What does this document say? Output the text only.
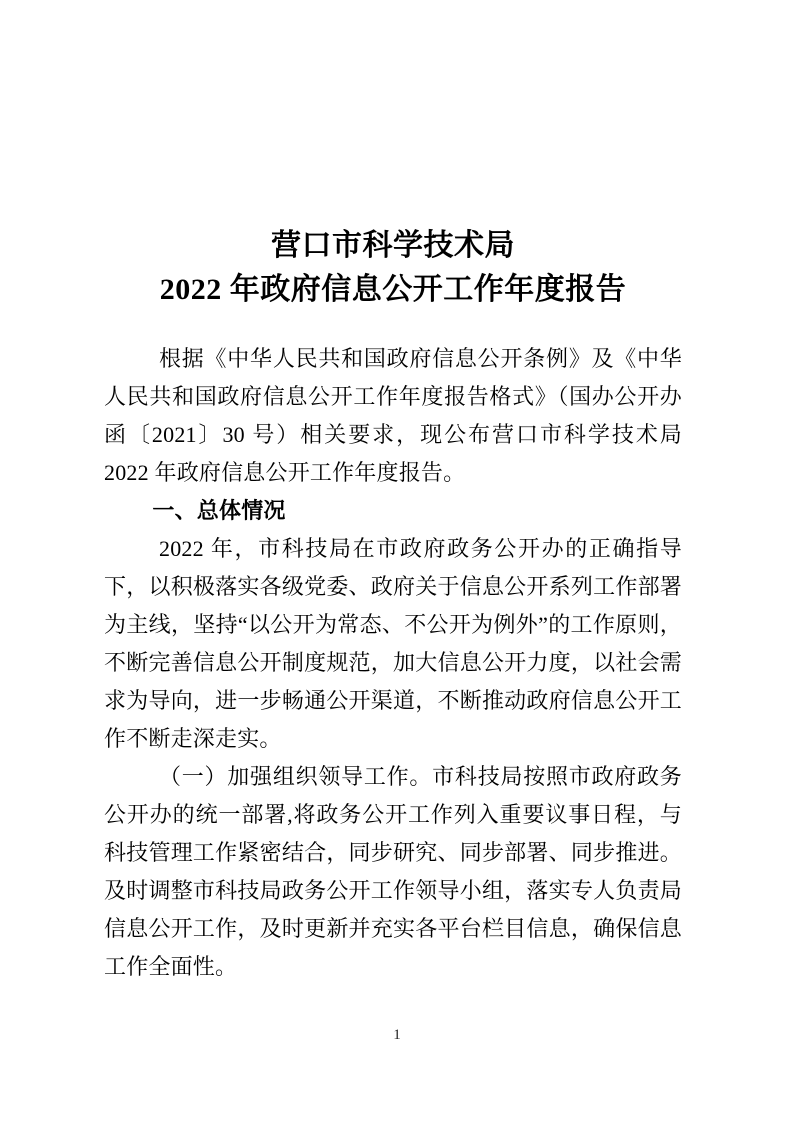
营口市科学技术局
2022 年政府信息公开工作年度报告

根据《中华人民共和国政府信息公开条例》及《中华人民共和国政府信息公开工作年度报告格式》（国办公开办函〔2021〕30 号）相关要求，现公布营口市科学技术局 2022 年政府信息公开工作年度报告。

一、总体情况

2022 年，市科技局在市政府政务公开办的正确指导下，以积极落实各级党委、政府关于信息公开系列工作部署为主线，坚持“以公开为常态、不公开为例外”的工作原则，不断完善信息公开制度规范，加大信息公开力度，以社会需求为导向，进一步畅通公开渠道，不断推动政府信息公开工作不断走深走实。

（一）加强组织领导工作。市科技局按照市政府政务公开办的统一部署,将政务公开工作列入重要议事日程，与科技管理工作紧密结合，同步研究、同步部署、同步推进。及时调整市科技局政务公开工作领导小组，落实专人负责局信息公开工作，及时更新并充实各平台栏目信息，确保信息工作全面性。

1
